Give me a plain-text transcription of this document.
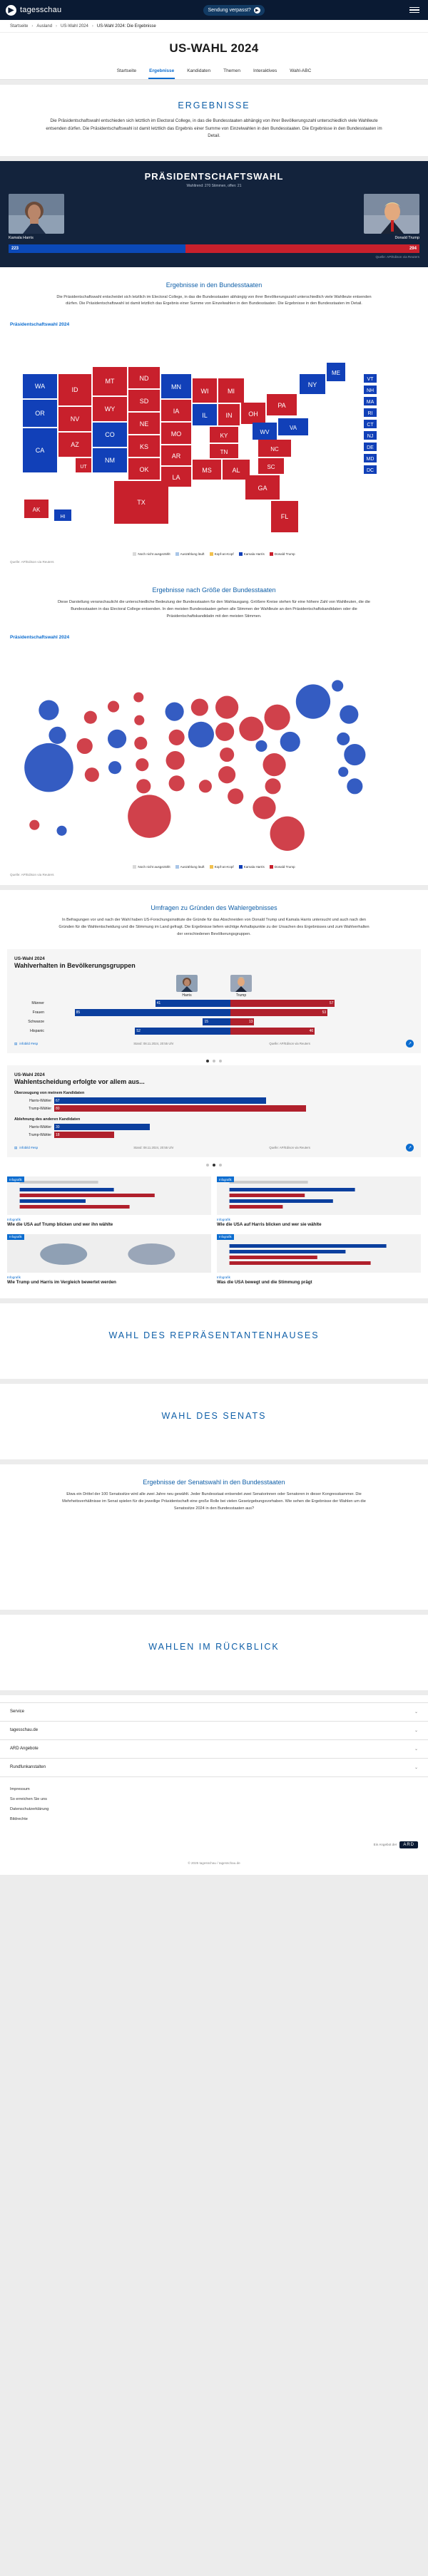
▶ tagesschau	Sendung verpasst?	▶
Startseite › Ausland › US-Wahl 2024 › US-Wahl 2024: Die Ergebnisse
US-WAHL 2024
Startseite	Ergebnisse	Kandidaten	Themen	Interaktives	Wahl-ABC
ERGEBNISSE
Die Präsidentschaftswahl entschieden sich letztlich im Electoral College, in das die Bundesstaaten abhängig von ihrer Bevölkerungszahl unterschiedlich viele Wahlleute entsenden dürfen. Die Präsidentschaftswahl ist damit letztlich das Ergebnis einer Summe von Einzelwahlen in den Bundesstaaten. Die Ergebnisse in den Bundesstaaten im Detail.
PRÄSIDENTSCHAFTSWAHL
Wahltrend: 270 Stimmen, offen: 21
Kamala Harris	Donald Trump
223	294
Quelle: AP/Edison via Reuters
Ergebnisse in den Bundesstaaten
Die Präsidentschaftswahl entscheidet sich letztlich im Electoral College, in das die Bundesstaaten abhängig von ihrer Bevölkerungszahl unterschiedlich viele Wahlleute entsenden dürfen. Die Präsidentschaftswahl ist damit letztlich das Ergebnis einer Summe von Einzelwahlen in den Bundesstaaten. Die Ergebnisse in den Bundesstaaten im Detail.
Präsidentschaftswahl 2024
WA
OR
CA
ID
NV
AZ
MT
WY
CO
NM
UT
ND
SD
NE
KS
OK
TX
MN
IA
MO
AR
LA
WI
IL	IN
MI
OH
KY
TN
MS	AL
PA
WV
VA
NC
SC
GA
FL
NY
ME
VT
NH
MA
RI
CT
NJ
DE
MD
DC
AK
HI
Noch nicht ausgezählt	Auszählung läuft	Kopf-an-Kopf	Kamala Harris	Donald Trump
Quelle: AP/Edison via Reuters
Ergebnisse nach Größe der Bundesstaaten
Diese Darstellung veranschaulicht die unterschiedliche Bedeutung der Bundesstaaten für den Wahlausgang. Größere Kreise stehen für eine höhere Zahl von Wahlleuten, die die Bundesstaaten in das Electoral College entsenden. In den meisten Bundesstaaten gehen alle Stimmen der Wahlleute an den Präsidentschaftskandidaten oder die Präsidentschaftskandidatin mit den meisten Stimmen.
Präsidentschaftswahl 2024
Noch nicht ausgezählt	Auszählung läuft	Kopf-an-Kopf	Kamala Harris	Donald Trump
Quelle: AP/Edison via Reuters
Umfragen zu Gründen des Wahlergebnisses
In Befragungen vor und nach der Wahl haben US-Forschungsinstitute die Gründe für das Abschneiden von Donald Trump und Kamala Harris untersucht und auch nach den Gründen für die Wahlentscheidung und die Stimmung im Land gefragt. Die Ergebnisse liefern wichtige Anhaltspunkte zu der Ursachen des Ergebnisses und zum Wahlverhalten der verschiedenen Bevölkerungsgruppen.
US-Wahl 2024
Wahlverhalten in Bevölkerungsgruppen
Harris	Trump
Männer	41	57
Frauen	85	53
Schwarze	15	13
Hispanic	52	46
▤ infobild #esp	Stand: 08.11.2024, 20:55 Uhr	Quelle: AP/Edison via Reuters	↗
US-Wahl 2024
Wahlentscheidung erfolgte vor allem aus...
Überzeugung von meinem Kandidaten
Harris-Wähler	67
Trump-Wähler	80
Ablehnung des anderen Kandidaten
Harris-Wähler	30
Trump-Wähler	18
▤ infobild #esp	Stand: 08.11.2024, 20:55 Uhr	Quelle: AP/Edison via Reuters	↗
Infografik
Infografik
Wie die USA auf Trump blicken und wer ihn wählte
Infografik
Infografik
Wie die USA auf Harris blicken und wer sie wählte
Infografik
Infografik
Wie Trump und Harris im Vergleich bewertet werden
Infografik
Infografik
Was die USA bewegt und die Stimmung prägt
WAHL DES REPRÄSENTANTENHAUSES
WAHL DES SENATS
Ergebnisse der Senatswahl in den Bundesstaaten
Etwa ein Drittel der 100 Senatssitze wird alle zwei Jahre neu gewählt. Jeder Bundesstaat entsendet zwei Senatorinnen oder Senatoren in dieser Kongresskammer. Die Mehrheitsverhältnisse im Senat spielen für die jeweilige Präsidentschaft eine große Rolle bei vielen Gesetzgebungsvorhaben. Wie sehen die Ergebnisse der Wahlen um die Senatssitze 2024 in den Bundesstaaten aus?
WAHLEN IM RÜCKBLICK
Service	⌄
tagesschau.de	⌄
ARD Angebote	⌄
Rundfunkanstalten	⌄
Impressum
So erreichen Sie uns
Datenschutzerklärung
Bildrechte
Ein Angebot der	ARD
© 2025 tagesschau / tagesschau.de
